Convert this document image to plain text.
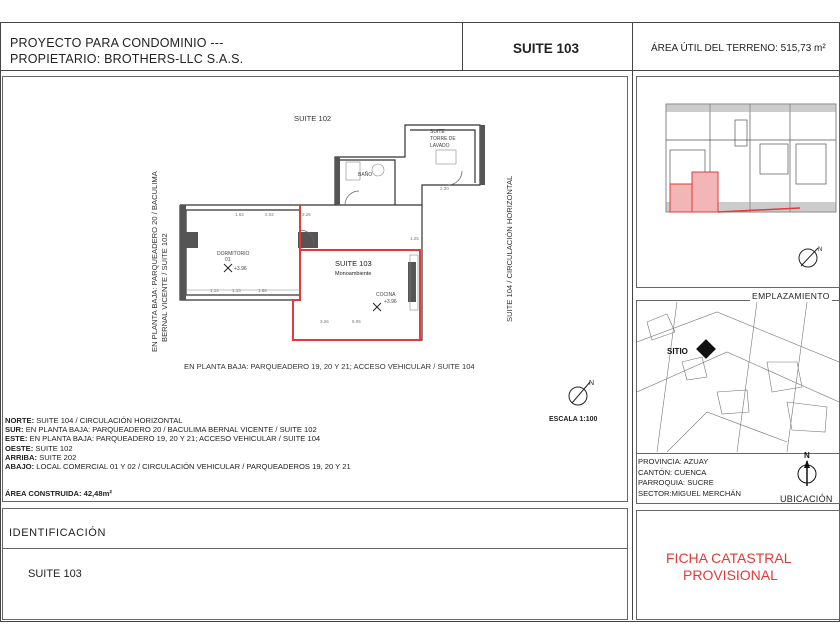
PROYECTO PARA CONDOMINIO ---
PROPIETARIO: BROTHERS-LLC S.A.S.
SUITE 103	ÁREA ÚTIL DEL TERRENO: 515,73 m²
SUITE
TORRE DE
LAVADO
BAÑO
DORMITORIO
01
+3.96
SUITE 103
Monoambiente
COCINA
+3.96
1.63	2.02	3.26
1.14	1.86
1.13
3.26	5.05
2.30
1.25
SUITE 102
EN PLANTA BAJA: PARQUEADERO 20 / BACULIMA BERNAL VICENTE / SUITE 102	SUITE 104 / CIRCULACIÓN HORIZONTAL
EN PLANTA BAJA: PARQUEADERO 19, 20 Y 21; ACCESO VEHICULAR / SUITE 104
N
ESCALA 1:100
NORTE: SUITE 104 / CIRCULACIÓN HORIZONTAL
SUR: EN PLANTA BAJA: PARQUEADERO 20 / BACULIMA BERNAL VICENTE / SUITE 102
ESTE: EN PLANTA BAJA: PARQUEADERO 19, 20 Y 21; ACCESO VEHICULAR / SUITE 104
OESTE: SUITE 102
ARRIBA: SUITE 202
ABAJO: LOCAL COMERCIAL 01 Y 02 / CIRCULACIÓN VEHICULAR / PARQUEADEROS 19, 20 Y 21
ÁREA CONSTRUIDA: 42,48m²
IDENTIFICACIÓN
SUITE 103
N
EMPLAZAMIENTO
SITIO
·
PROVINCIA: AZUAY
CANTÓN: CUENCA
PARROQUIA: SUCRE
SECTOR:MIGUEL MERCHÁN
N
UBICACIÓN
FICHA CATASTRAL
PROVISIONAL
